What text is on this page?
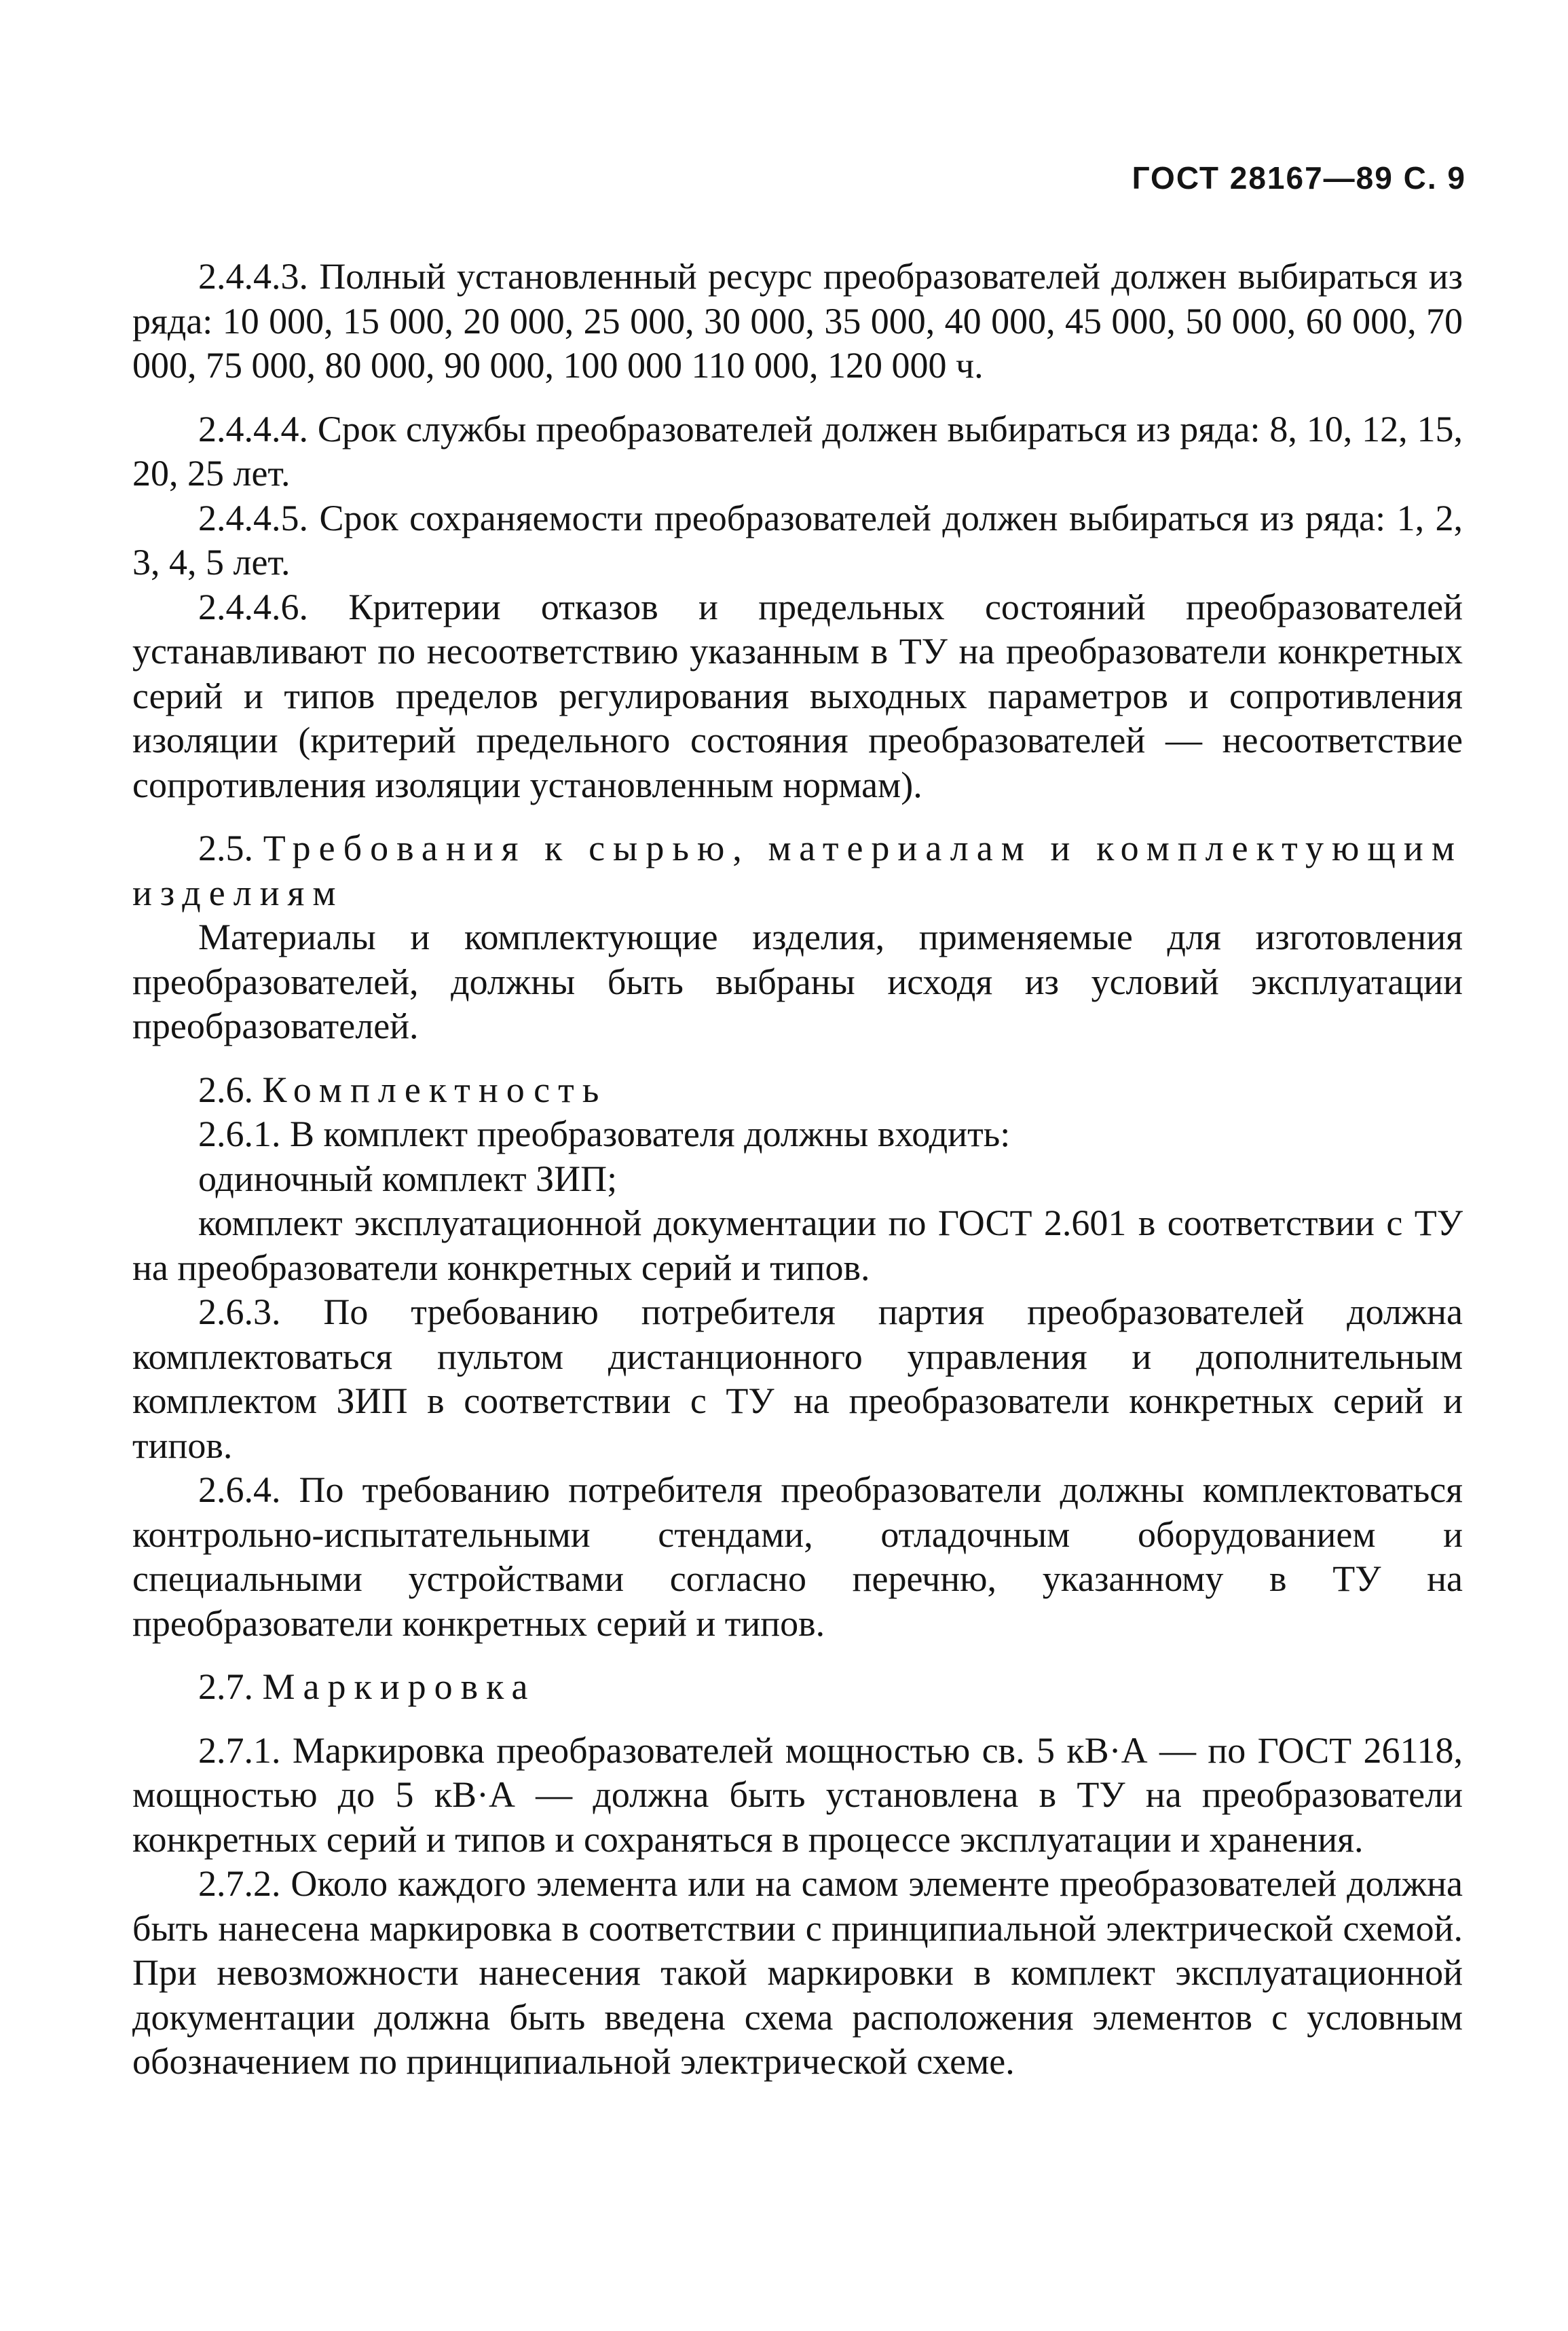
ГОСТ 28167—89 С. 9

2.4.4.3. Полный установленный ресурс преобразователей должен выбираться из ряда: 10 000, 15 000, 20 000, 25 000, 30 000, 35 000, 40 000, 45 000, 50 000, 60 000, 70 000, 75 000, 80 000, 90 000, 100 000 110 000, 120 000 ч.

2.4.4.4. Срок службы преобразователей должен выбираться из ряда: 8, 10, 12, 15, 20, 25 лет.

2.4.4.5. Срок сохраняемости преобразователей должен выбираться из ряда: 1, 2, 3, 4, 5 лет.

2.4.4.6. Критерии отказов и предельных состояний преобразователей устанавливают по несоответствию указанным в ТУ на преобразователи конкретных серий и типов пределов регулирования выходных параметров и сопротивления изоляции (критерий предельного состояния преобразователей — несоответствие сопротивления изоляции установленным нормам).

2.5. Требования к сырью, материалам и комплектующим изделиям

Материалы и комплектующие изделия, применяемые для изготовления преобразователей, должны быть выбраны исходя из условий эксплуатации преобразователей.

2.6. Комплектность

2.6.1. В комплект преобразователя должны входить:

одиночный комплект ЗИП;

комплект эксплуатационной документации по ГОСТ 2.601 в соответствии с ТУ на преобразователи конкретных серий и типов.

2.6.3. По требованию потребителя партия преобразователей должна комплектоваться пультом дистанционного управления и дополнительным комплектом ЗИП в соответствии с ТУ на преобразователи конкретных серий и типов.

2.6.4. По требованию потребителя преобразователи должны комплектоваться контрольно-испытательными стендами, отладочным оборудованием и специальными устройствами согласно перечню, указанному в ТУ на преобразователи конкретных серий и типов.

2.7. Маркировка

2.7.1. Маркировка преобразователей мощностью св. 5 кВ·А — по ГОСТ 26118, мощностью до 5 кВ·А — должна быть установлена в ТУ на преобразователи конкретных серий и типов и сохраняться в процессе эксплуатации и хранения.

2.7.2. Около каждого элемента или на самом элементе преобразователей должна быть нанесена маркировка в соответствии с принципиальной электрической схемой. При невозможности нанесения такой маркировки в комплект эксплуатационной документации должна быть введена схема расположения элементов с условным обозначением по принципиальной электрической схеме.
